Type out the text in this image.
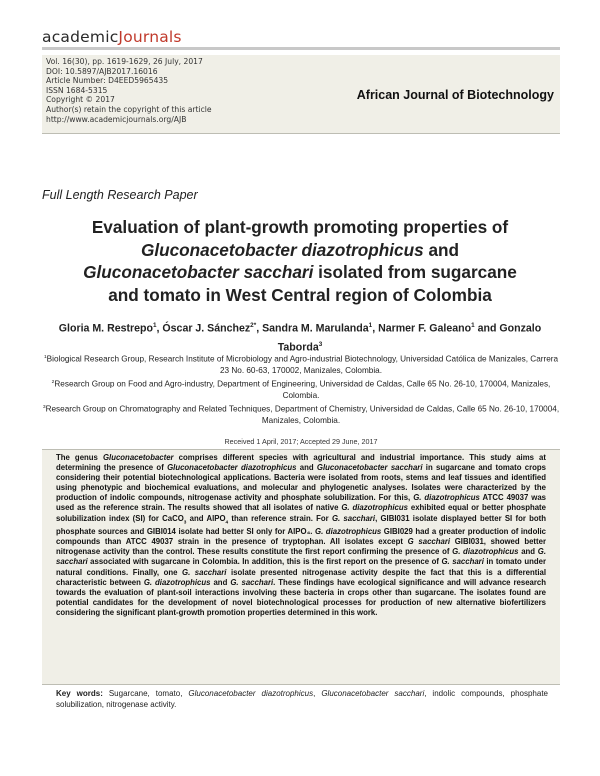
academicJournals
Vol. 16(30), pp. 1619-1629, 26 July, 2017
DOI: 10.5897/AJB2017.16016
Article Number: D4EED5965435
ISSN 1684-5315
Copyright © 2017
Author(s) retain the copyright of this article
http://www.academicjournals.org/AJB
African Journal of Biotechnology
Full Length Research Paper
Evaluation of plant-growth promoting properties of
Gluconacetobacter diazotrophicus and
Gluconacetobacter sacchari isolated from sugarcane
and tomato in West Central region of Colombia
Gloria M. Restrepo$^1$, Óscar J. Sánchez$^{2*}$, Sandra M. Marulanda$^1$, Narmer F. Galeano$^1$ and Gonzalo Taborda$^3$

$^1$Biological Research Group, Research Institute of Microbiology and Agro-industrial Biotechnology, Universidad Católica de Manizales, Carrera 23 No. 60-63, 170002, Manizales, Colombia.

$^2$Research Group on Food and Agro-industry, Department of Engineering, Universidad de Caldas, Calle 65 No. 26-10, 170004, Manizales, Colombia.

$^3$Research Group on Chromatography and Related Techniques, Department of Chemistry, Universidad de Caldas, Calle 65 No. 26-10, 170004, Manizales, Colombia.

Received 1 April, 2017; Accepted 29 June, 2017

The genus Gluconacetobacter comprises different species with agricultural and industrial importance. This study aims at determining the presence of Gluconacetobacter diazotrophicus and Gluconacetobacter sacchari in sugarcane and tomato crops considering their potential biotechnological applications. Bacteria were isolated from roots, stems and leaf tissues and identified using phenotypic and biochemical evaluations, and molecular and phylogenetic analyses. Isolates were characterized by the production of indolic compounds, nitrogenase activity and phosphate solubilization. For this, G. diazotrophicus ATCC 49037 was used as the reference strain. The results showed that all isolates of native G. diazotrophicus exhibited equal or better phosphate solubilization index (SI) for CaCO$_3$ and AlPO$_4$ than reference strain. For G. sacchari, GIBI031 isolate displayed better SI for both phosphate sources and GIBI014 isolate had better SI only for AlPO₄. G. diazotrophicus GIBI029 had a greater production of indolic compounds than ATCC 49037 strain in the presence of tryptophan. All isolates except G sacchari GIBI031, showed better nitrogenase activity than the control. These results constitute the first report confirming the presence of G. diazotrophicus and G. sacchari associated with sugarcane in Colombia. In addition, this is the first report on the presence of G. sacchari in tomato under natural conditions. Finally, one G. sacchari isolate presented nitrogenase activity despite the fact that this is a differential characteristic between G. diazotrophicus and G. sacchari. These findings have ecological significance and will advance research towards the evaluation of plant-soil interactions involving these bacteria in crops other than sugarcane. The isolates found are potential candidates for the development of novel biotechnological processes for production of new alternative biofertilizers considering the significant plant-growth promotion properties determined in this work.

Key words: Sugarcane, tomato, Gluconacetobacter diazotrophicus, Gluconacetobacter sacchari, indolic compounds, phosphate solubilization, nitrogenase activity.
